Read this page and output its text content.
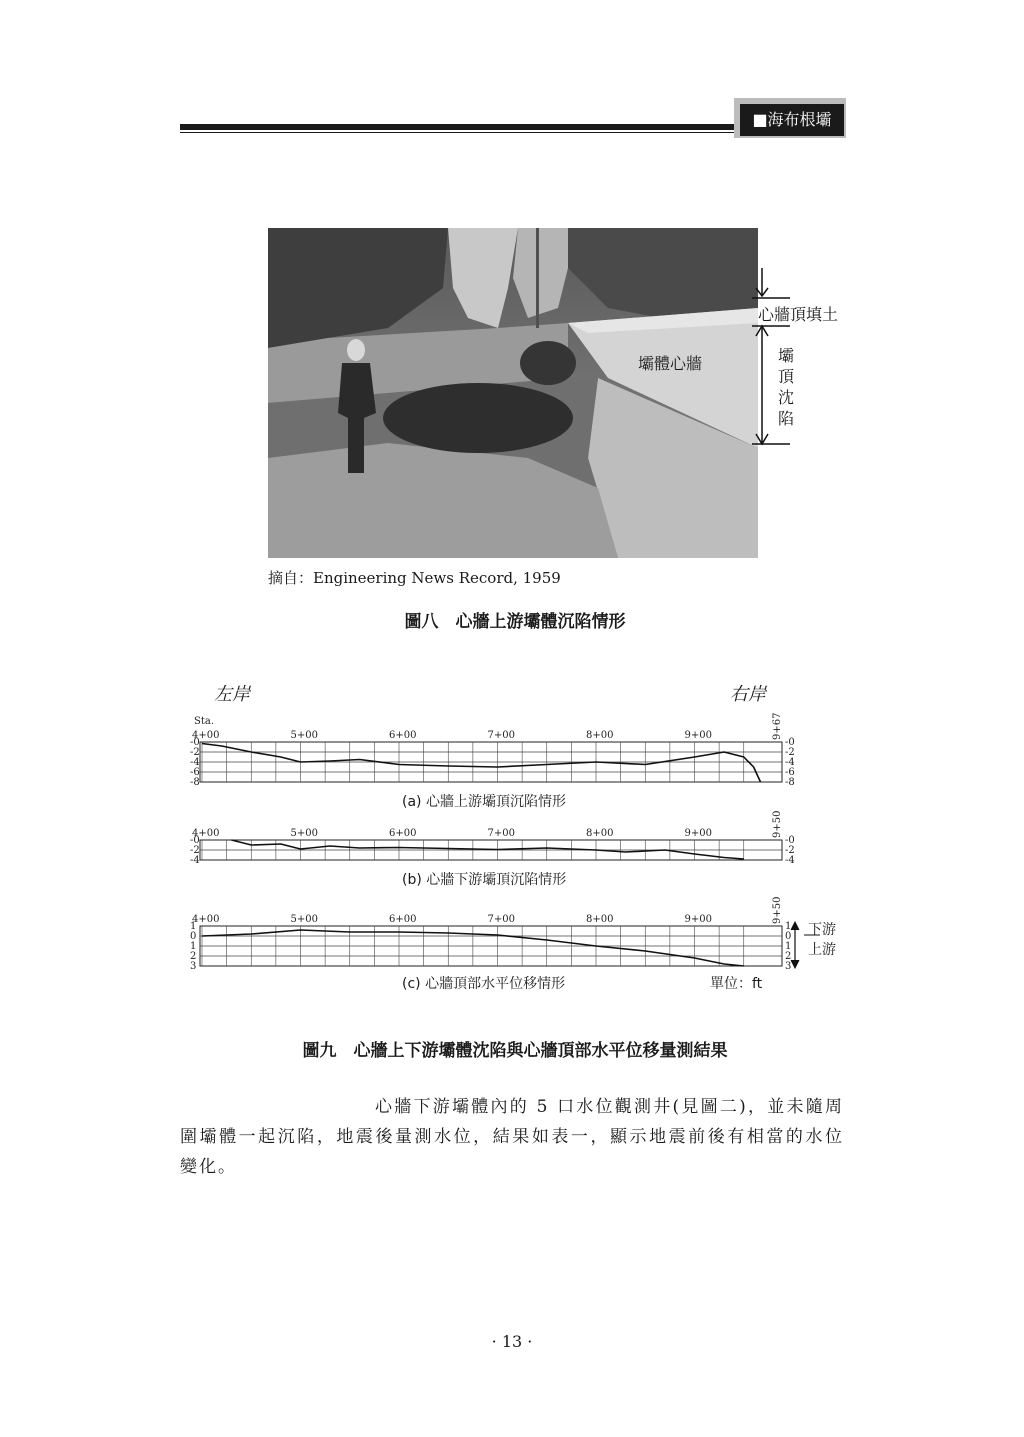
■海布根壩
壩體心牆
心牆頂填土
壩
頂
沈
陷
摘自：Engineering News Record, 1959
圖八　心牆上游壩體沉陷情形
左岸	右岸
Sta.
4+00	5+00	6+00	7+00	8+00	9+00	9+67
-0	-0
-2	-2
-4	-4
-6	-6
-8	-8
4+00	5+00	6+00	7+00	8+00	9+00	9+50
-0	-0
-2	-2
-4	-4
4+00	5+00	6+00	7+00	8+00	9+00	9+50
1	1
0	0
1	1
2	2
3	3
(a) 心牆上游壩頂沉陷情形
(b) 心牆下游壩頂沉陷情形
(c) 心牆頂部水平位移情形	單位：ft
下游
上游
圖九　心牆上下游壩體沈陷與心牆頂部水平位移量測結果
心牆下游壩體內的 5 口水位觀測井(見圖二)，並未隨周圍壩體一起沉陷，地震後量測水位，結果如表一，顯示地震前後有相當的水位變化。
· 13 ·
